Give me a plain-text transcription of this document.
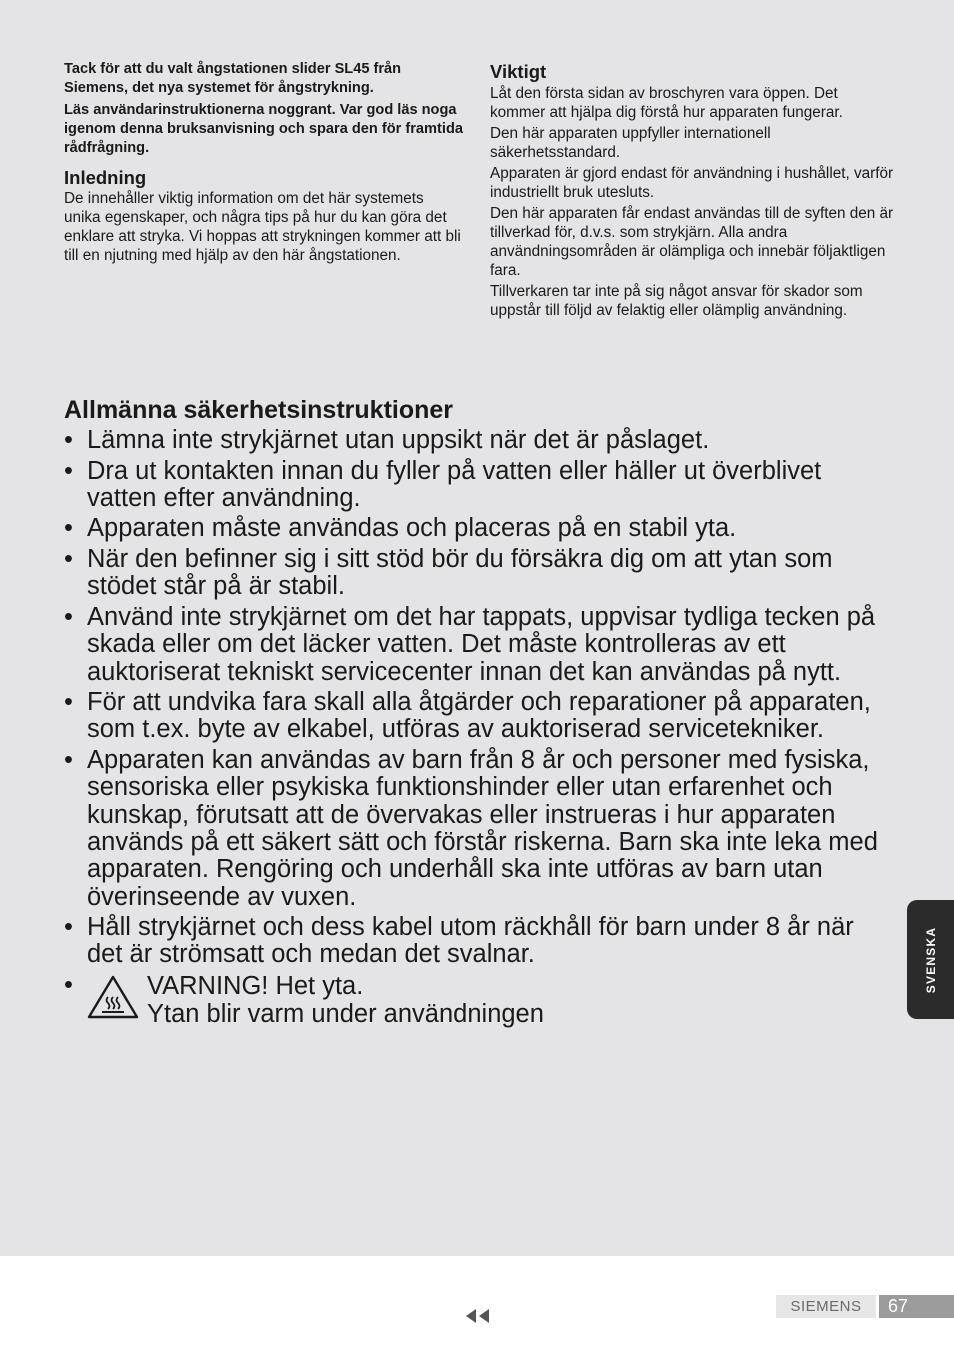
Tack för att du valt ångstationen slider SL45 från Siemens, det nya systemet för ångstrykning.

Läs användarinstruktionerna noggrant. Var god läs noga igenom denna bruksanvisning och spara den för framtida rådfrågning.

Inledning

De innehåller viktig information om det här systemets unika egenskaper, och några tips på hur du kan göra det enklare att stryka. Vi hoppas att strykningen kommer att bli till en njutning med hjälp av den här ångstationen.

Viktigt

Låt den första sidan av broschyren vara öppen. Det kommer att hjälpa dig förstå hur apparaten fungerar.

Den här apparaten uppfyller internationell säkerhetsstandard.

Apparaten är gjord endast för användning i hushållet, varför industriellt bruk utesluts.

Den här apparaten får endast användas till de syften den är tillverkad för, d.v.s. som strykjärn. Alla andra användningsområden är olämpliga och innebär följaktligen fara.

Tillverkaren tar inte på sig något ansvar för skador som uppstår till följd av felaktig eller olämplig användning.

Allmänna säkerhetsinstruktioner
• Lämna inte strykjärnet utan uppsikt när det är påslaget.
• Dra ut kontakten innan du fyller på vatten eller häller ut överblivet vatten efter användning.
• Apparaten måste användas och placeras på en stabil yta.
• När den befinner sig i sitt stöd bör du försäkra dig om att ytan som stödet står på är stabil.
• Använd inte strykjärnet om det har tappats, uppvisar tydliga tecken på skada eller om det läcker vatten. Det måste kontrolleras av ett auktoriserat tekniskt servicecenter innan det kan användas på nytt.
• För att undvika fara skall alla åtgärder och reparationer på apparaten, som t.ex. byte av elkabel, utföras av auktoriserad servicetekniker.
• Apparaten kan användas av barn från 8 år och personer med fysiska, sensoriska eller psykiska funktionshinder eller utan erfarenhet och kunskap, förutsatt att de övervakas eller instrueras i hur apparaten används på ett säkert sätt och förstår riskerna. Barn ska inte leka med apparaten. Rengöring och underhåll ska inte utföras av barn utan överinseende av vuxen.
• Håll strykjärnet och dess kabel utom räckhåll för barn under 8 år när det är strömsatt och medan det svalnar.
•	VARNING! Het yta.
Ytan blir varm under användningen
SVENSKA
SIEMENS	67
